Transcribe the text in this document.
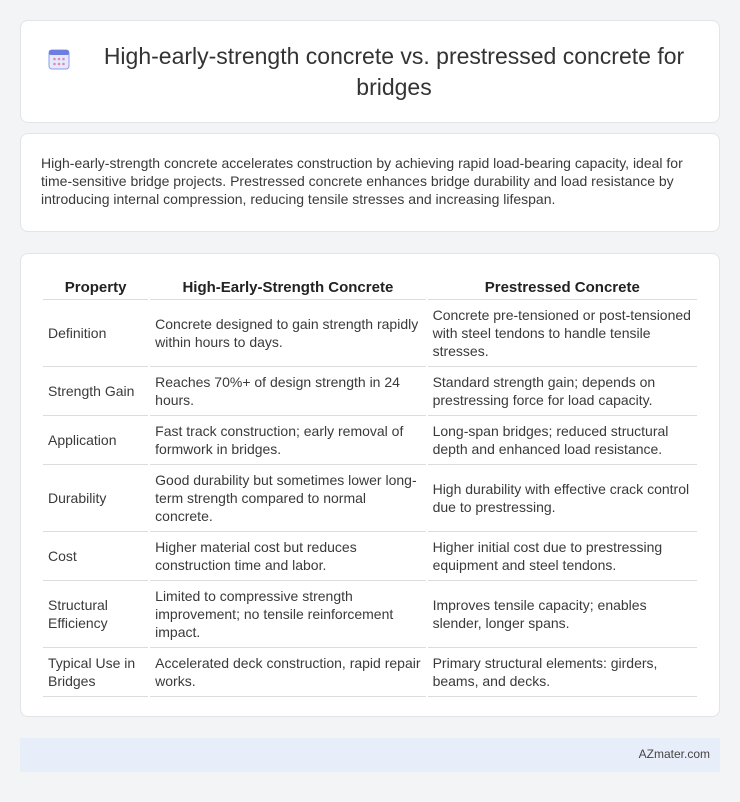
High-early-strength concrete vs. prestressed concrete for bridges

High-early-strength concrete accelerates construction by achieving rapid load-bearing capacity, ideal for time-sensitive bridge projects. Prestressed concrete enhances bridge durability and load resistance by introducing internal compression, reducing tensile stresses and increasing lifespan.

Property	High-Early-Strength Concrete	Prestressed Concrete
Definition	Concrete designed to gain strength rapidly within hours to days.	Concrete pre-tensioned or post-tensioned with steel tendons to handle tensile stresses.
Strength Gain	Reaches 70%+ of design strength in 24 hours.	Standard strength gain; depends on prestressing force for load capacity.
Application	Fast track construction; early removal of formwork in bridges.	Long-span bridges; reduced structural depth and enhanced load resistance.
Durability	Good durability but sometimes lower long-term strength compared to normal concrete.	High durability with effective crack control due to prestressing.
Cost	Higher material cost but reduces construction time and labor.	Higher initial cost due to prestressing equipment and steel tendons.
Structural Efficiency	Limited to compressive strength improvement; no tensile reinforcement impact.	Improves tensile capacity; enables slender, longer spans.
Typical Use in Bridges	Accelerated deck construction, rapid repair works.	Primary structural elements: girders, beams, and decks.
AZmater.com
